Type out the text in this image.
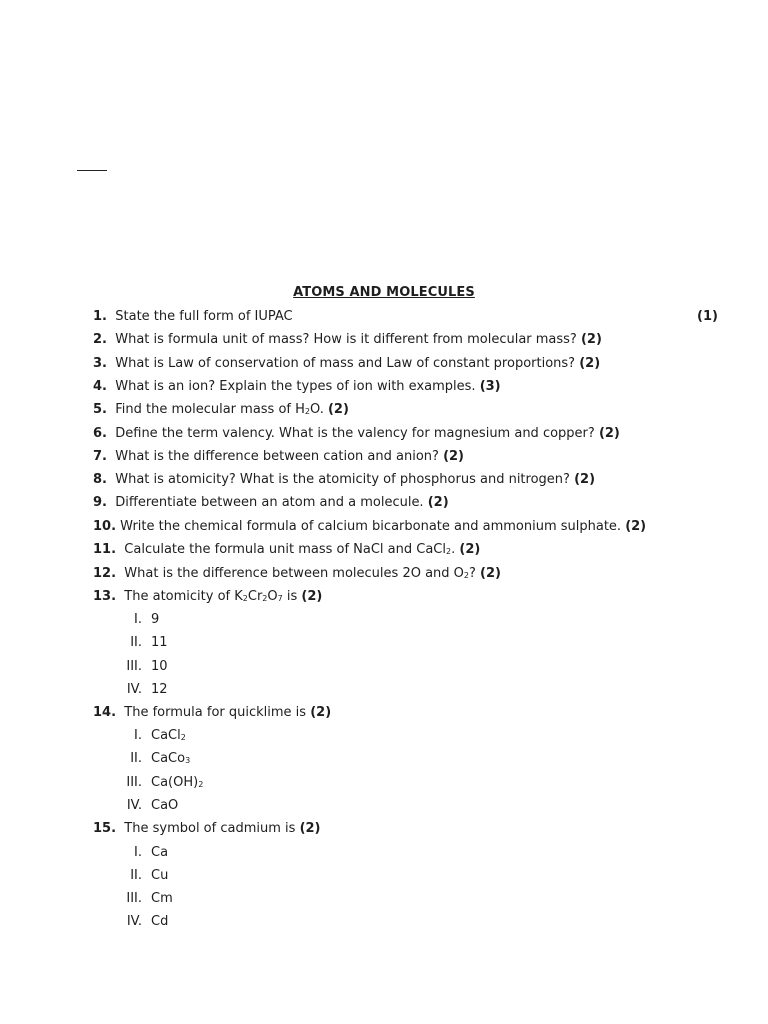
ATOMS AND MOLECULES
1. State the full form of IUPAC	(1)
2. What is formula unit of mass? How is it different from molecular mass? (2)
3. What is Law of conservation of mass and Law of constant proportions? (2)
4. What is an ion? Explain the types of ion with examples. (3)
5. Find the molecular mass of $H_2O$. (2)
6. Define the term valency. What is the valency for magnesium and copper? (2)
7. What is the difference between cation and anion? (2)
8. What is atomicity? What is the atomicity of phosphorus and nitrogen? (2)
9. Differentiate between an atom and a molecule. (2)
10. Write the chemical formula of calcium bicarbonate and ammonium sulphate. (2)
11. Calculate the formula unit mass of NaCl and CaCl$_2$. (2)
12. What is the difference between molecules 2O and $O_2$? (2)
13. The atomicity of $K_2Cr_2O_7$ is (2)
I. 9
II. 11
III. 10
IV. 12
14. The formula for quicklime is (2)
I. CaCl$_2$
II. CaCo$_3$
III. $Ca(OH)_2$
IV. CaO
15. The symbol of cadmium is (2)
I. Ca
II. Cu
III. Cm
IV. Cd
